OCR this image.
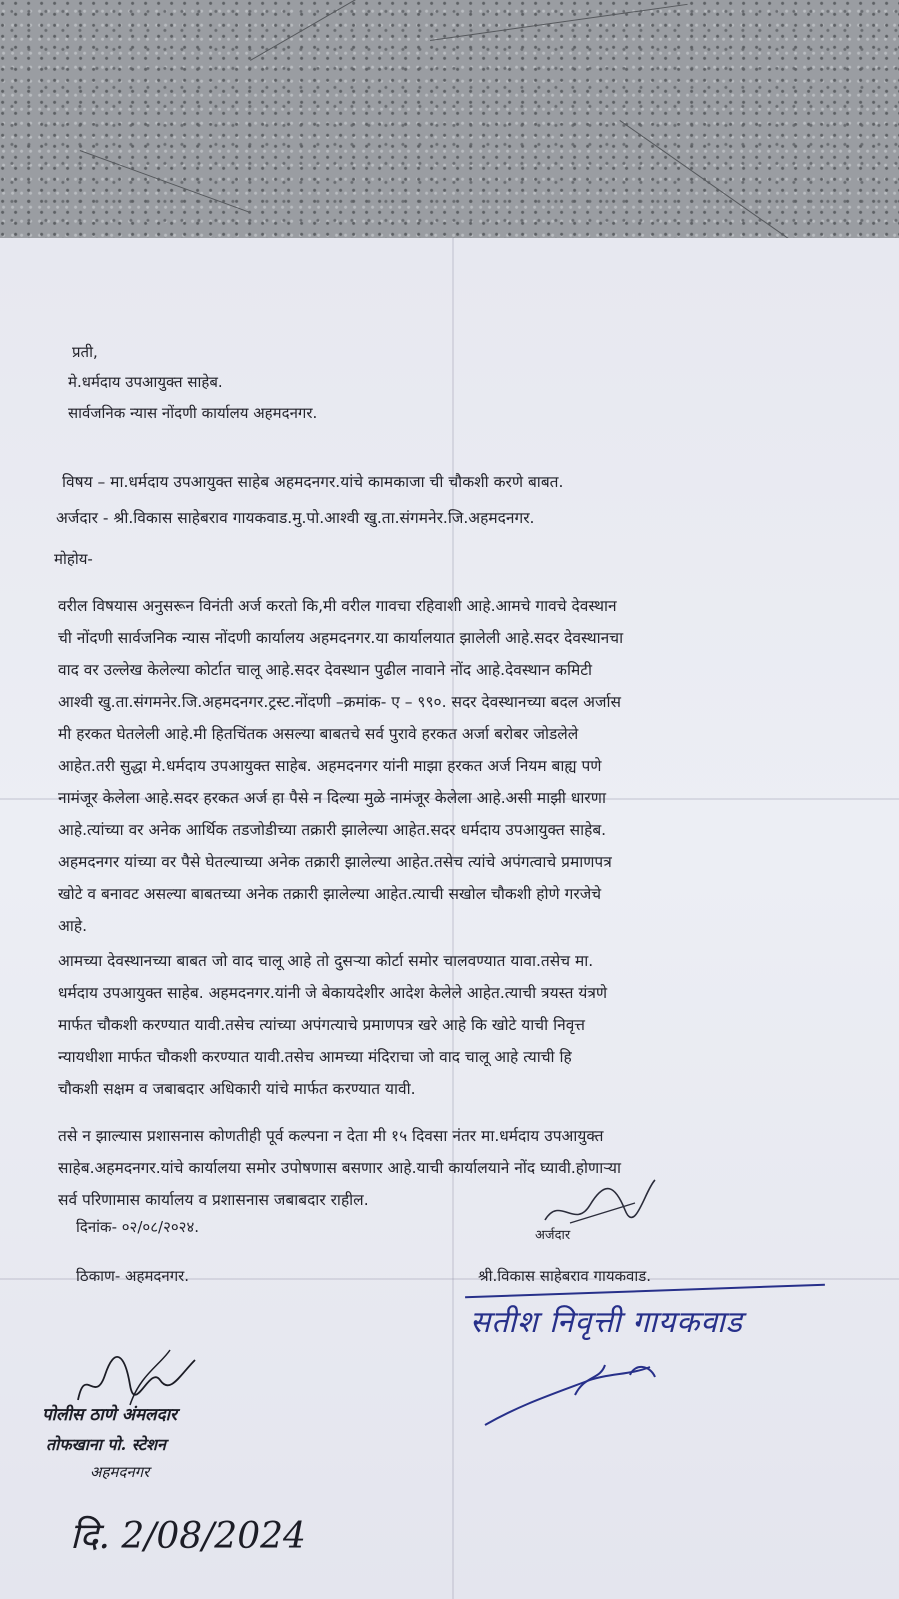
प्रती,
मे.धर्मदाय उपआयुक्त साहेब.
सार्वजनिक न्यास नोंदणी कार्यालय अहमदनगर.
विषय – मा.धर्मदाय उपआयुक्त साहेब अहमदनगर.यांचे कामकाजा ची चौकशी करणे बाबत.
अर्जदार - श्री.विकास साहेबराव गायकवाड.मु.पो.आश्वी खु.ता.संगमनेर.जि.अहमदनगर.
मोहोय-
वरील विषयास अनुसरून विनंती अर्ज करतो कि,मी वरील गावचा रहिवाशी आहे.आमचे गावचे देवस्थान
ची नोंदणी सार्वजनिक न्यास नोंदणी कार्यालय अहमदनगर.या कार्यालयात झालेली आहे.सदर देवस्थानचा
वाद वर उल्लेख केलेल्या कोर्टात चालू आहे.सदर देवस्थान पुढील नावाने नोंद आहे.देवस्थान कमिटी
आश्वी खु.ता.संगमनेर.जि.अहमदनगर.ट्रस्ट.नोंदणी –क्रमांक- ए – ९९०. सदर देवस्थानच्या बदल अर्जास
मी हरकत घेतलेली आहे.मी हितचिंतक असल्या बाबतचे सर्व पुरावे हरकत अर्जा बरोबर जोडलेले
आहेत.तरी सुद्धा मे.धर्मदाय उपआयुक्त साहेब. अहमदनगर यांनी माझा हरकत अर्ज नियम बाह्य पणे
नामंजूर केलेला आहे.सदर हरकत अर्ज हा पैसे न दिल्या मुळे नामंजूर केलेला आहे.असी माझी धारणा
आहे.त्यांच्या वर अनेक आर्थिक तडजोडीच्या तक्रारी झालेल्या आहेत.सदर धर्मदाय उपआयुक्त साहेब.
अहमदनगर यांच्या वर पैसे घेतल्याच्या अनेक तक्रारी झालेल्या आहेत.तसेच त्यांचे अपंगत्वाचे प्रमाणपत्र
खोटे व बनावट असल्या बाबतच्या अनेक तक्रारी झालेल्या आहेत.त्याची सखोल चौकशी होणे गरजेचे
आहे.
आमच्या देवस्थानच्या बाबत जो वाद चालू आहे तो दुसऱ्या कोर्टा समोर चालवण्यात यावा.तसेच मा.
धर्मदाय उपआयुक्त साहेब. अहमदनगर.यांनी जे बेकायदेशीर आदेश केलेले आहेत.त्याची त्रयस्त यंत्रणे
मार्फत चौकशी करण्यात यावी.तसेच त्यांच्या अपंगत्याचे प्रमाणपत्र खरे आहे कि खोटे याची निवृत्त
न्यायधीशा मार्फत चौकशी करण्यात यावी.तसेच आमच्या मंदिराचा जो वाद चालू आहे त्याची हि
चौकशी सक्षम व जबाबदार अधिकारी यांचे मार्फत करण्यात यावी.
तसे न झाल्यास प्रशासनास कोणतीही पूर्व कल्पना न देता मी १५ दिवसा नंतर मा.धर्मदाय उपआयुक्त
साहेब.अहमदनगर.यांचे कार्यालया समोर उपोषणास बसणार आहे.याची कार्यालयाने नोंद घ्यावी.होणाऱ्या
सर्व परिणामास कार्यालय व प्रशासनास जबाबदार राहील.
दिनांक- ०२/०८/२०२४.
ठिकाण- अहमदनगर.
अर्जदार
श्री.विकास साहेबराव गायकवाड.
सतीश निवृत्ती गायकवाड
पोलीस ठाणे अंमलदार
तोफखाना पो. स्टेशन
अहमदनगर
दि. 2/08/2024
